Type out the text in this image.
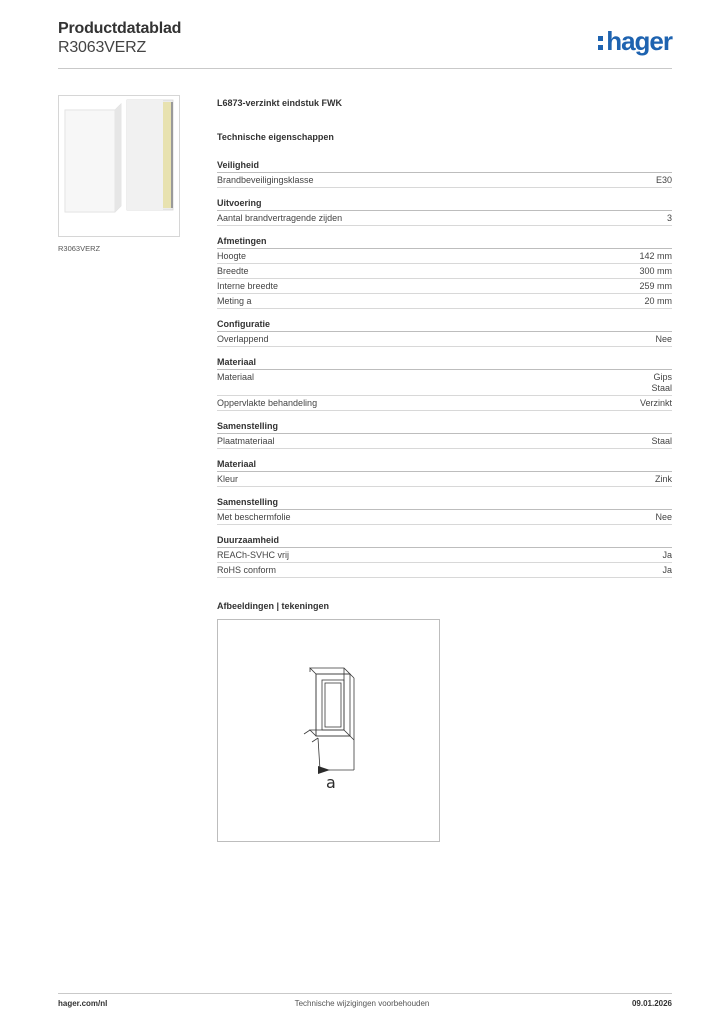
Productdatablad
R3063VERZ	hager
R3063VERZ
L6873-verzinkt eindstuk FWK
Technische eigenschappen
Veiligheid
Brandbeveiligingsklasse	E30
Uitvoering
Aantal brandvertragende zijden	3
Afmetingen
Hoogte	142 mm
Breedte	300 mm
Interne breedte	259 mm
Meting a	20 mm
Configuratie
Overlappend	Nee
Materiaal
Materiaal	Gips
Staal
Oppervlakte behandeling	Verzinkt
Samenstelling
Plaatmateriaal	Staal
Materiaal
Kleur	Zink
Samenstelling
Met beschermfolie	Nee
Duurzaamheid
REACh-SVHC vrij	Ja
RoHS conform	Ja
Afbeeldingen | tekeningen
a
hager.com/nl	Technische wijzigingen voorbehouden	09.01.2026
